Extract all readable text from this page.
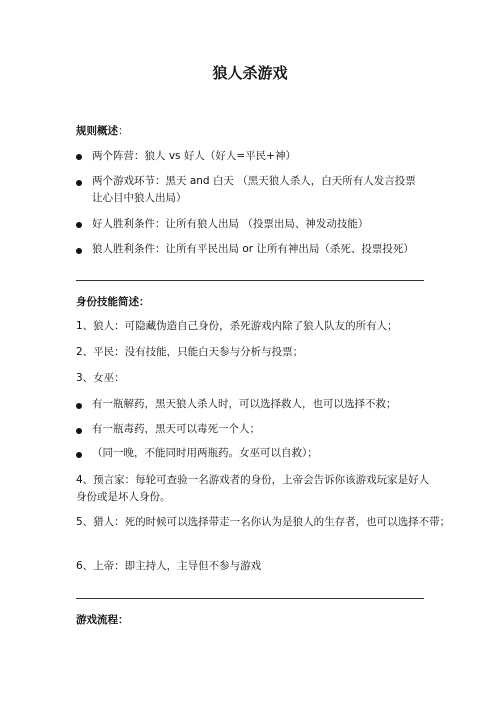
狼人杀游戏
规则概述：
两个阵营：狼人 vs 好人（好人=平民+神）
两个游戏环节：黑天 and 白天 （黑天狼人杀人，白天所有人发言投票让心目中狼人出局）
好人胜利条件：让所有狼人出局 （投票出局、神发动技能）
狼人胜利条件：让所有平民出局 or 让所有神出局（杀死、投票投死）
身份技能简述：
1、狼人：可隐藏伪造自己身份，杀死游戏内除了狼人队友的所有人；
2、平民：没有技能，只能白天参与分析与投票；
3、女巫：
有一瓶解药，黑天狼人杀人时，可以选择救人，也可以选择不救；
有一瓶毒药，黑天可以毒死一个人；
（同一晚，不能同时用两瓶药。女巫可以自救）；
4、预言家：每轮可查验一名游戏者的身份，上帝会告诉你该游戏玩家是好人身份或是坏人身份。
5、猎人：死的时候可以选择带走一名你认为是狼人的生存者，也可以选择不带；
6、上帝：即主持人，主导但不参与游戏
游戏流程：
